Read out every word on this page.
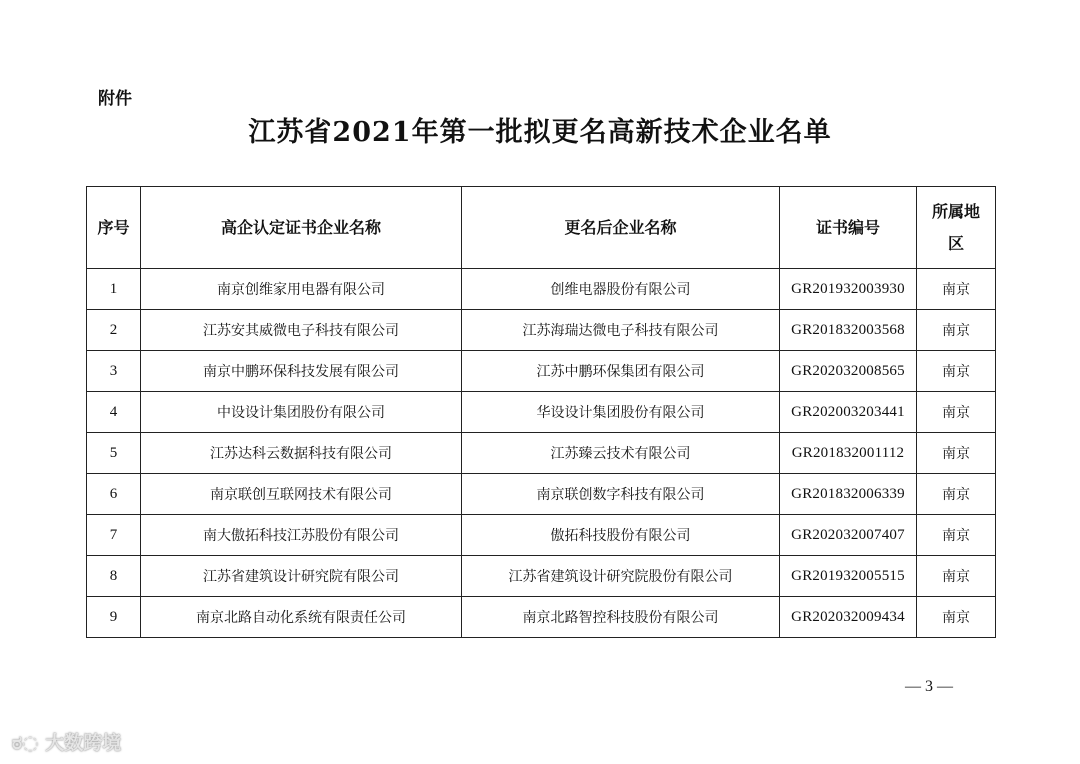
附件
江苏省2021年第一批拟更名高新技术企业名单
序号	高企认定证书企业名称	更名后企业名称	证书编号	所属地区
1	南京创维家用电器有限公司	创维电器股份有限公司	GR201932003930	南京
2	江苏安其威微电子科技有限公司	江苏海瑞达微电子科技有限公司	GR201832003568	南京
3	南京中鹏环保科技发展有限公司	江苏中鹏环保集团有限公司	GR202032008565	南京
4	中设设计集团股份有限公司	华设设计集团股份有限公司	GR202003203441	南京
5	江苏达科云数据科技有限公司	江苏臻云技术有限公司	GR201832001112	南京
6	南京联创互联网技术有限公司	南京联创数字科技有限公司	GR201832006339	南京
7	南大傲拓科技江苏股份有限公司	傲拓科技股份有限公司	GR202032007407	南京
8	江苏省建筑设计研究院有限公司	江苏省建筑设计研究院股份有限公司	GR201932005515	南京
9	南京北路自动化系统有限责任公司	南京北路智控科技股份有限公司	GR202032009434	南京
— 3 —
ಠ◌ 大数跨境
